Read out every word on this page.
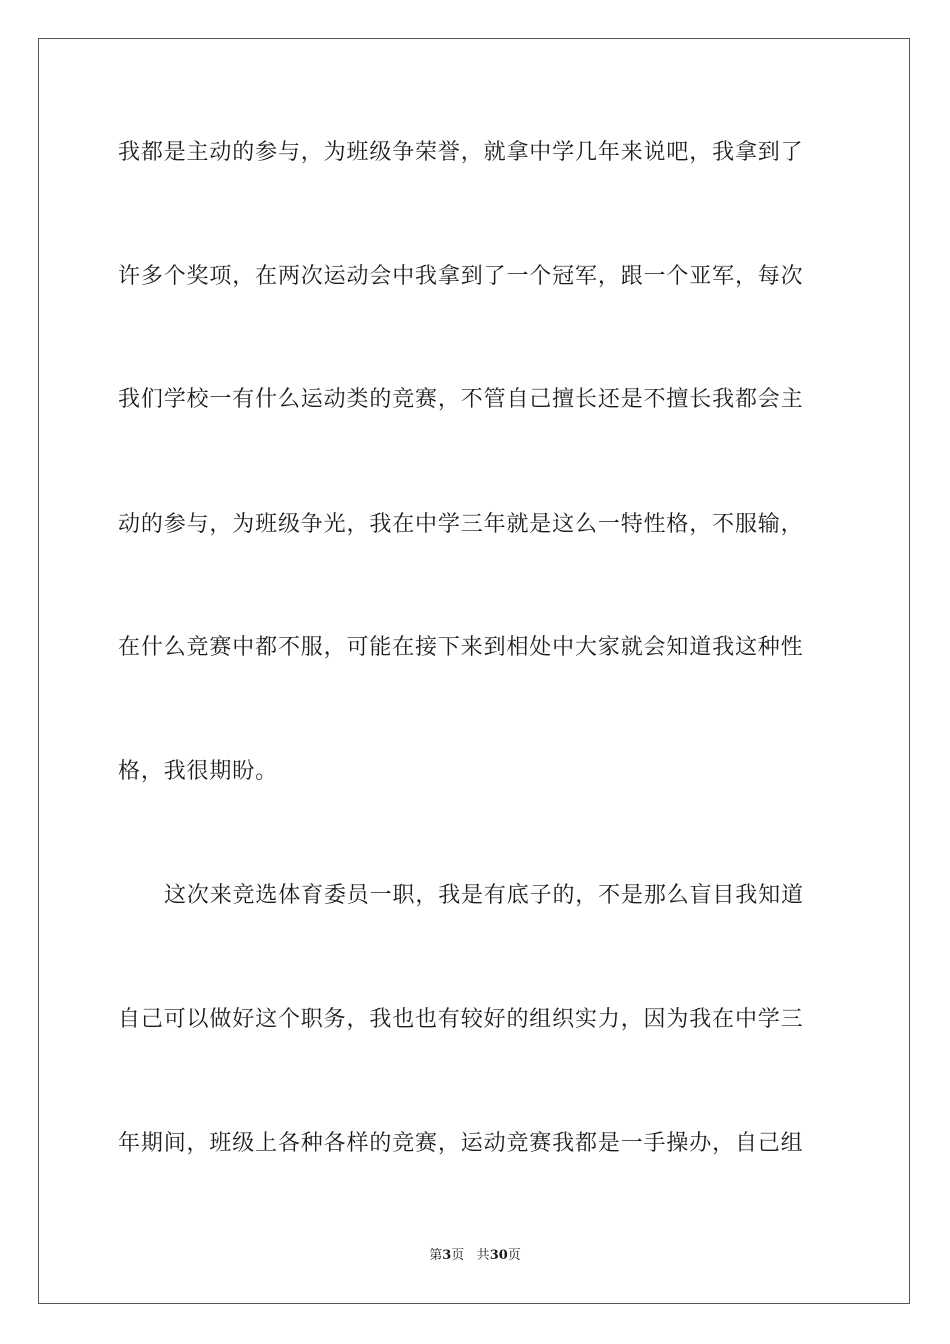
我都是主动的参与，为班级争荣誉，就拿中学几年来说吧，我拿到了
许多个奖项，在两次运动会中我拿到了一个冠军，跟一个亚军，每次
我们学校一有什么运动类的竞赛，不管自己擅长还是不擅长我都会主
动的参与，为班级争光，我在中学三年就是这么一特性格，不服输，
在什么竞赛中都不服，可能在接下来到相处中大家就会知道我这种性
格，我很期盼。
这次来竞选体育委员一职，我是有底子的，不是那么盲目我知道
自己可以做好这个职务，我也也有较好的组织实力，因为我在中学三
年期间，班级上各种各样的竞赛，运动竞赛我都是一手操办，自己组
第3页 共30页
